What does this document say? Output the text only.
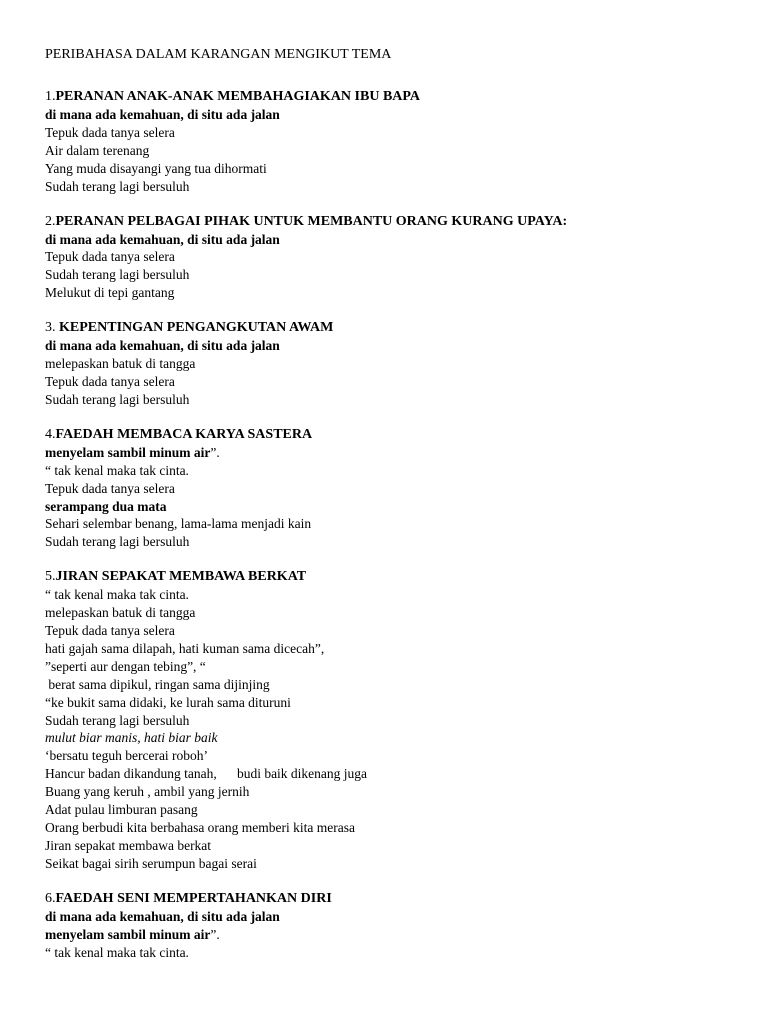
PERIBAHASA DALAM KARANGAN MENGIKUT TEMA
1.PERANAN ANAK-ANAK MEMBAHAGIAKAN IBU BAPA
di mana ada kemahuan, di situ ada jalan
Tepuk dada tanya selera
Air dalam terenang
Yang muda disayangi yang tua dihormati
Sudah terang lagi bersuluh
2.PERANAN PELBAGAI PIHAK UNTUK MEMBANTU ORANG KURANG UPAYA:
di mana ada kemahuan, di situ ada jalan
Tepuk dada tanya selera
Sudah terang lagi bersuluh
Melukut di tepi gantang
3. KEPENTINGAN PENGANGKUTAN AWAM
di mana ada kemahuan, di situ ada jalan
melepaskan batuk di tangga
Tepuk dada tanya selera
Sudah terang lagi bersuluh
4.FAEDAH MEMBACA KARYA SASTERA
menyelam sambil minum air”.
“ tak kenal maka tak cinta.
Tepuk dada tanya selera
serampang dua mata
Sehari selembar benang, lama-lama menjadi kain
Sudah terang lagi bersuluh
5.JIRAN SEPAKAT MEMBAWA BERKAT
“ tak kenal maka tak cinta.
melepaskan batuk di tangga
Tepuk dada tanya selera
hati gajah sama dilapah, hati kuman sama dicecah”,
”seperti aur dengan tebing”, “
berat sama dipikul, ringan sama dijinjing
“ke bukit sama didaki, ke lurah sama dituruni
Sudah terang lagi bersuluh
mulut biar manis, hati biar baik
‘bersatu teguh bercerai roboh’
Hancur badan dikandung tanah,      budi baik dikenang juga
Buang yang keruh , ambil yang jernih
Adat pulau limburan pasang
Orang berbudi kita berbahasa orang memberi kita merasa
Jiran sepakat membawa berkat
Seikat bagai sirih serumpun bagai serai
6.FAEDAH SENI MEMPERTAHANKAN DIRI
di mana ada kemahuan, di situ ada jalan
menyelam sambil minum air”.
“ tak kenal maka tak cinta.
